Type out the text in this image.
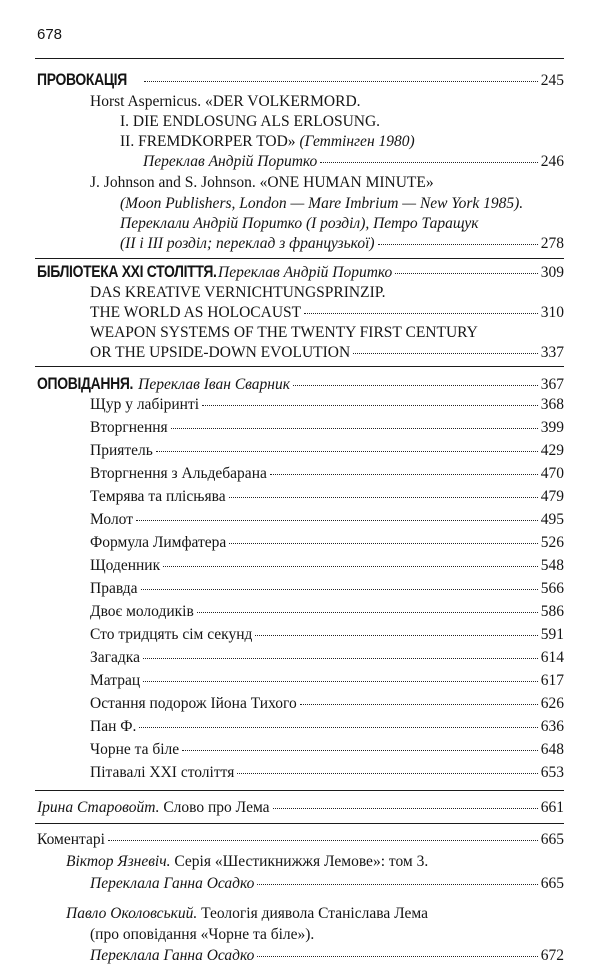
678
ПРОВОКАЦІЯ	245
Horst Aspernicus. «DER VOLKERMORD.
I. DIE ENDLOSUNG ALS ERLOSUNG.
II. FREMDKORPER TOD» (Геттінген 1980)
Переклав Андрій Поритко	246
J. Johnson and S. Johnson. «ONE HUMAN MINUTE»
(Moon Publishers, London — Mare Imbrium — New York 1985).
Переклали Андрій Поритко (I розділ), Петро Таращук
(II і III розділ; переклад з французької)	278
БІБЛІОТЕКА XXI СТОЛІТТЯ. Переклав Андрій Поритко	309
DAS KREATIVE VERNICHTUNGSPRINZIP.
THE WORLD AS HOLOCAUST	310
WEAPON SYSTEMS OF THE TWENTY FIRST CENTURY
OR THE UPSIDE-DOWN EVOLUTION	337
ОПОВІДАННЯ. Переклав Іван Сварник	367
Щур у лабіринті	368
Вторгнення	399
Приятель	429
Вторгнення з Альдебарана	470
Темрява та плісњява	479
Молот	495
Формула Лимфатера	526
Щоденник	548
Правда	566
Двоє молодиків	586
Сто тридцять сім секунд	591
Загадка	614
Матрац	617
Остання подорож Ійона Тихого	626
Пан Ф.	636
Чорне та біле	648
Пітавалі XXI століття	653
Ірина Старовойт.
Слово про Лема	661
Коментарі	665
Віктор Язневіч. Серія «Шестикнижжя Лемове»: том 3.
Переклала Ганна Осадко	665
Павло Околовський. Теологія диявола Станіслава Лема
(про оповідання «Чорне та біле»).
Переклала Ганна Осадко	672
